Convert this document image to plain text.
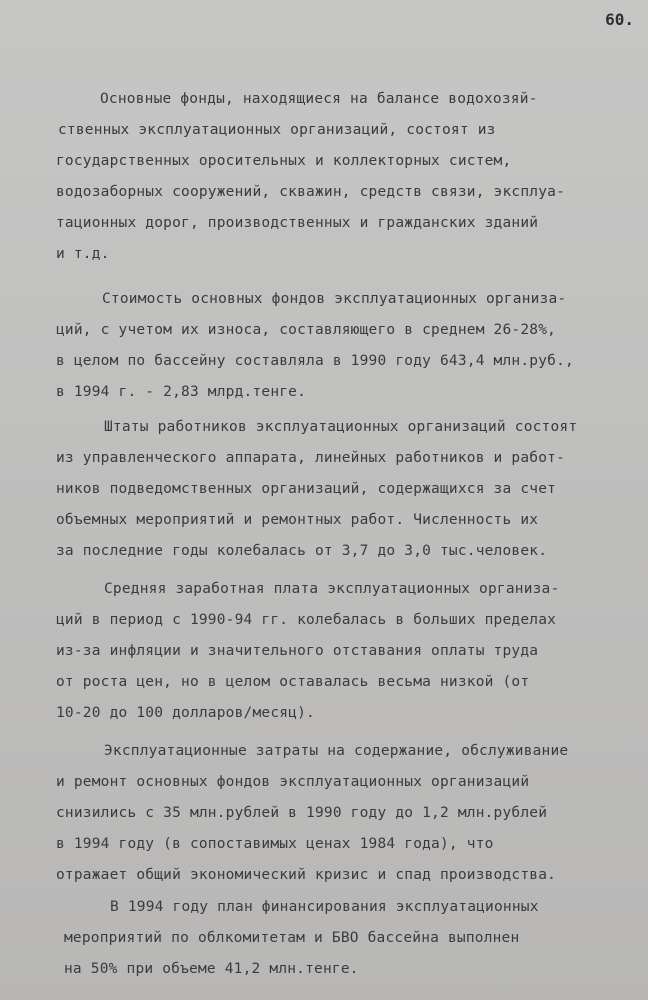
60.
Основные фонды, находящиеся на балансе водохозяй-
ственных эксплуатационных организаций, состоят из
государственных оросительных и коллекторных систем,
водозаборных сооружений, скважин, средств связи, эксплуа-
тационных дорог, производственных и гражданских зданий
и т.д.
Стоимость основных фондов эксплуатационных организа-
ций, с учетом их износа, составляющего в среднем 26-28%,
в целом по бассейну составляла в 1990 году 643,4 млн.руб.,
в 1994 г. - 2,83 млрд.тенге.
Штаты работников эксплуатационных организаций состоят
из управленческого аппарата, линейных работников и работ-
ников подведомственных организаций, содержащихся за счет
объемных мероприятий и ремонтных работ. Численность их
за последние годы колебалась от 3,7 до 3,0 тыс.человек.
Средняя заработная плата эксплуатационных организа-
ций в период с 1990-94 гг. колебалась в больших пределах
из-за инфляции и значительного отставания оплаты труда
от роста цен, но в целом оставалась весьма низкой (от
10-20 до 100 долларов/месяц).
Эксплуатационные затраты на содержание, обслуживание
и ремонт основных фондов эксплуатационных организаций
снизились с 35 млн.рублей в 1990 году до 1,2 млн.рублей
в 1994 году (в сопоставимых ценах 1984 года), что
отражает общий экономический кризис и спад производства.
В 1994 году план финансирования эксплуатационных
мероприятий по облкомитетам и БВО бассейна выполнен
на 50% при объеме 41,2 млн.тенге.
